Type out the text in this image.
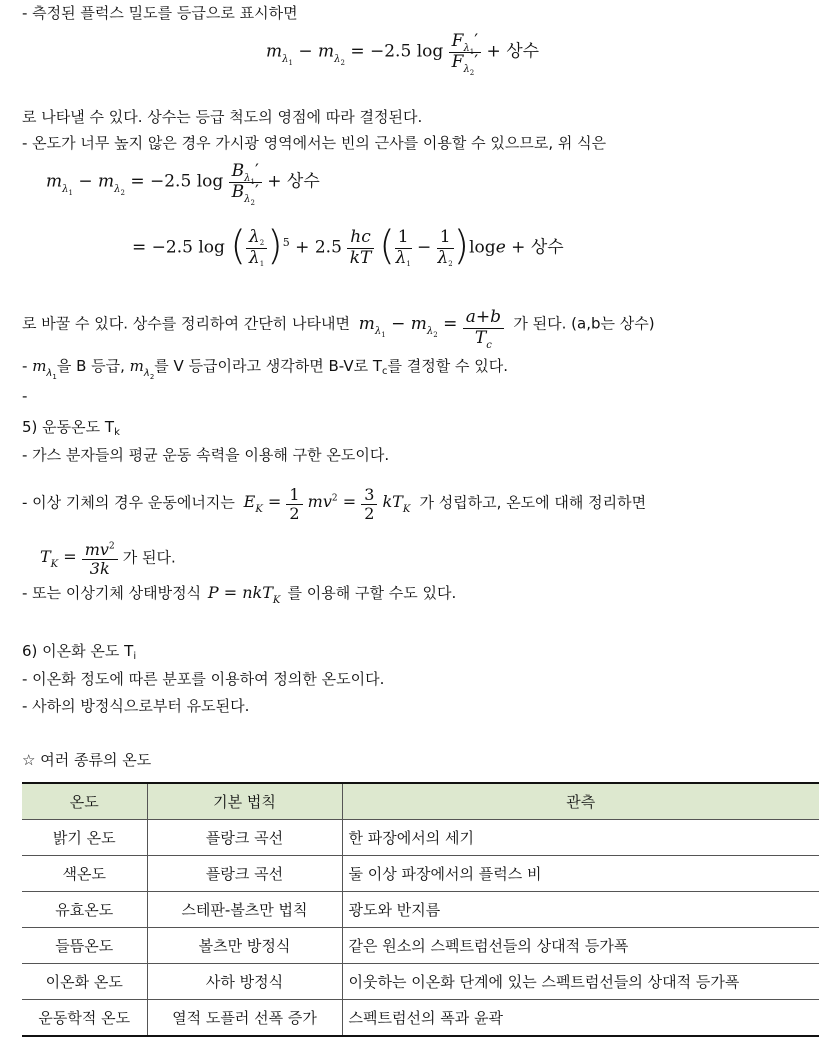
- 측정된 플럭스 밀도를 등급으로 표시하면
$m_{\lambda_1} - m_{\lambda_2} = -2.5$ $\log \frac{F_{\lambda_1}'}{F_{\lambda_2}'}$ + 상수
로 나타낼 수 있다. 상수는 등급 척도의 영점에 따라 결정된다.
- 온도가 너무 높지 않은 경우 가시광 영역에서는 빈의 근사를 이용할 수 있으므로, 위 식은
$m_{\lambda_1} - m_{\lambda_2} = -2.5$ $\log \frac{B_{\lambda_1}'}{B_{\lambda_2}'}$ + 상수
= −2.5 log ( $\frac{\lambda 2}{\lambda 1} )^5 + 2.5 \frac{hc}{kT}$ ( $\frac{1}{\lambda 1} - \frac{1}{\lambda 2} )\log e$ + 상수
로 바꿀 수 있다. 상수를 정리하여 간단히 나타내면 $m_{\lambda_1} - m_{\lambda_2} = \frac{a+b}{T_c}$ 가 된다. (a,b는 상수)
- $m_{\lambda_1}$을 B 등급, $m_{\lambda_2}$를 V 등급이라고 생각하면 B-V로 $T_c$를 결정할 수 있다.
-
5) 운동온도 $T_k$
- 가스 분자들의 평균 운동 속력을 이용해 구한 온도이다.
- 이상 기체의 경우 운동에너지는 $E_K = \frac{1}{2} mv^2 = \frac{3}{2} kT_K$ 가 성립하고, 온도에 대해 정리하면
$T_K = \frac{mv^2}{3k}$ 가 된다.
- 또는 이상기체 상태방정식 P = nkT$_K$ 를 이용해 구할 수도 있다.
6) 이온화 온도 $T_i$
- 이온화 정도에 따른 분포를 이용하여 정의한 온도이다.
- 사하의 방정식으로부터 유도된다.
☆ 여러 종류의 온도
온도	기본 법칙	관측
밝기 온도	플랑크 곡선	한 파장에서의 세기
색온도	플랑크 곡선	둘 이상 파장에서의 플럭스 비
유효온도	스테판-볼츠만 법칙	광도와 반지름
들뜸온도	볼츠만 방정식	같은 원소의 스펙트럼선들의 상대적 등가폭
이온화 온도	사하 방정식	이웃하는 이온화 단계에 있는 스펙트럼선들의 상대적 등가폭
운동학적 온도	열적 도플러 선폭 증가	스펙트럼선의 폭과 윤곽
